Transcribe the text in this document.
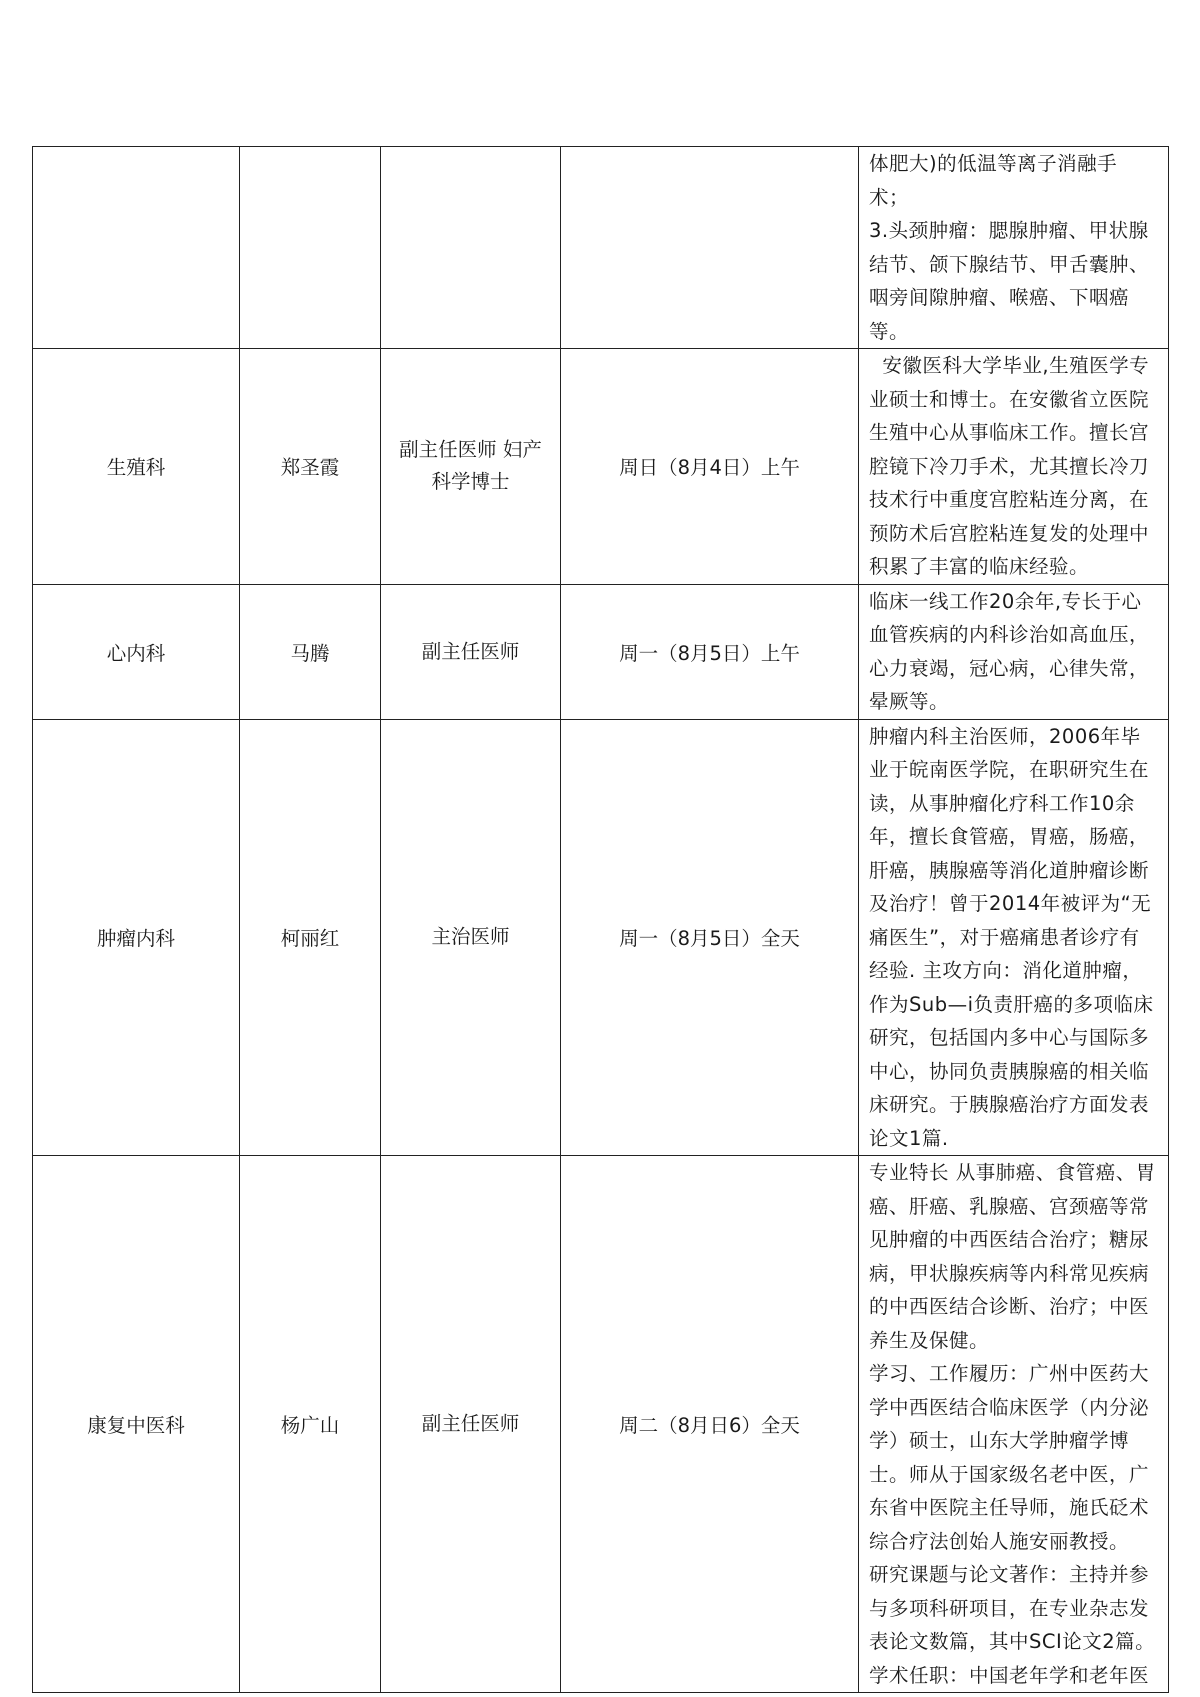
				体肥大)的低温等离子消融手术；

3.头颈肿瘤：腮腺肿瘤、甲状腺结节、颌下腺结节、甲舌囊肿、咽旁间隙肿瘤、喉癌、下咽癌等。

生殖科	郑圣霞	副主任医师 妇产科学博士	周日（8月4日）上午	安徽医科大学毕业,生殖医学专业硕士和博士。在安徽省立医院生殖中心从事临床工作。擅长宫腔镜下冷刀手术，尤其擅长冷刀技术行中重度宫腔粘连分离，在预防术后宫腔粘连复发的处理中积累了丰富的临床经验。

心内科	马腾	副主任医师	周一（8月5日）上午	临床一线工作20余年,专长于心血管疾病的内科诊治如高血压，心力衰竭，冠心病，心律失常，晕厥等。

肿瘤内科	柯丽红	主治医师	周一（8月5日）全天	肿瘤内科主治医师，2006年毕业于皖南医学院，在职研究生在读，从事肿瘤化疗科工作10余年，擅长食管癌，胃癌，肠癌，肝癌，胰腺癌等消化道肿瘤诊断及治疗！曾于2014年被评为“无痛医生”，对于癌痛患者诊疗有经验. 主攻方向：消化道肿瘤，作为Sub—i负责肝癌的多项临床研究，包括国内多中心与国际多中心，协同负责胰腺癌的相关临床研究。于胰腺癌治疗方面发表论文1篇.

康复中医科	杨广山	副主任医师	周二（8月日6）全天	专业特长 从事肺癌、食管癌、胃癌、肝癌、乳腺癌、宫颈癌等常见肿瘤的中西医结合治疗；糖尿病，甲状腺疾病等内科常见疾病的中西医结合诊断、治疗；中医养生及保健。

学习、工作履历：广州中医药大学中西医结合临床医学（内分泌学）硕士，山东大学肿瘤学博士。师从于国家级名老中医，广东省中医院主任导师，施氏砭术综合疗法创始人施安丽教授。

研究课题与论文著作：主持并参与多项科研项目，在专业杂志发表论文数篇，其中SCI论文2篇。

学术任职：中国老年学和老年医
